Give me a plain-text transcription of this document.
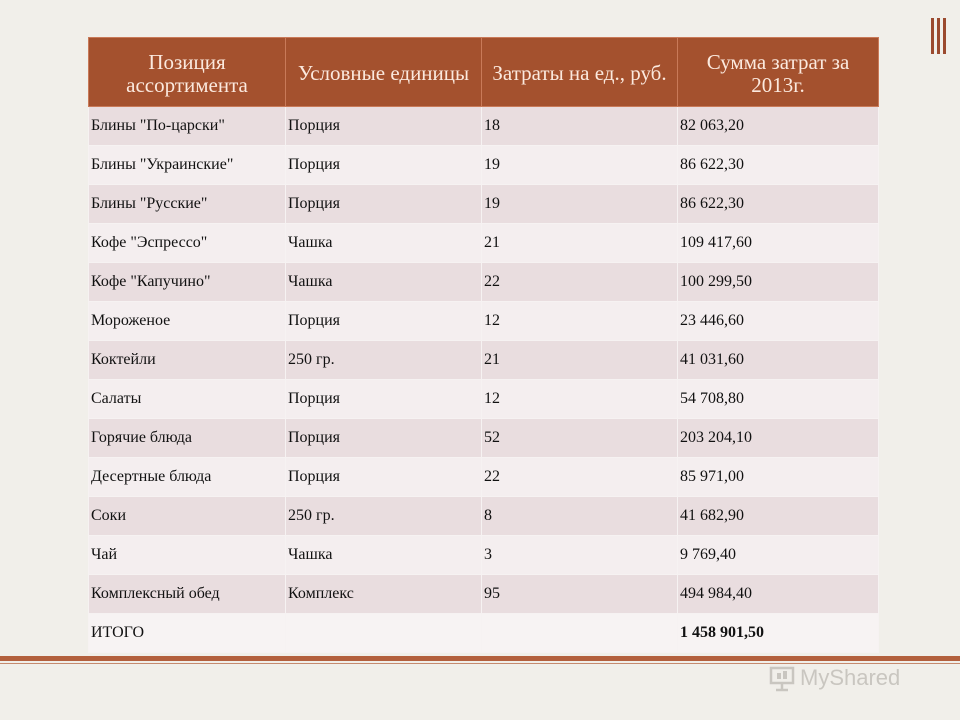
Позиция ассортимента	Условные единицы	Затраты на ед., руб.	Сумма затрат за 2013г.
Блины "По-царски"	Порция	18	82 063,20
Блины "Украинские"	Порция	19	86 622,30
Блины "Русские"	Порция	19	86 622,30
Кофе "Эспрессо"	Чашка	21	109 417,60
Кофе "Капучино"	Чашка	22	100 299,50
Мороженое	Порция	12	23 446,60
Коктейли	250 гр.	21	41 031,60
Салаты	Порция	12	54 708,80
Горячие блюда	Порция	52	203 204,10
Десертные блюда	Порция	22	85 971,00
Соки	250 гр.	8	41 682,90
Чай	Чашка	3	9 769,40
Комплексный обед	Комплекс	95	494 984,40
ИТОГО			1 458 901,50
MyShared
